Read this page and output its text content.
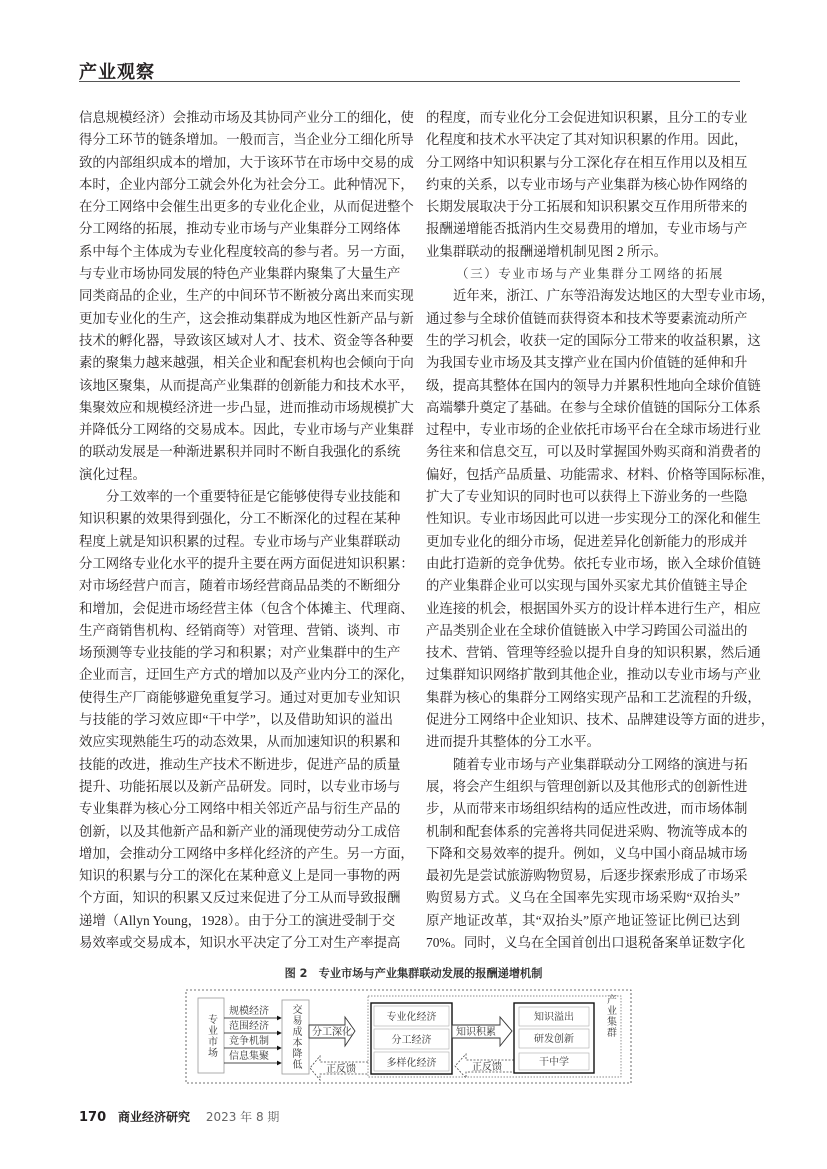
产业观察
信息规模经济）会推动市场及其协同产业分工的细化，使
得分工环节的链条增加。一般而言，当企业分工细化所导
致的内部组织成本的增加，大于该环节在市场中交易的成
本时，企业内部分工就会外化为社会分工。此种情况下，
在分工网络中会催生出更多的专业化企业，从而促进整个
分工网络的拓展，推动专业市场与产业集群分工网络体
系中每个主体成为专业化程度较高的参与者。另一方面，
与专业市场协同发展的特色产业集群内聚集了大量生产
同类商品的企业，生产的中间环节不断被分离出来而实现
更加专业化的生产，这会推动集群成为地区性新产品与新
技术的孵化器，导致该区域对人才、技术、资金等各种要
素的聚集力越来越强，相关企业和配套机构也会倾向于向
该地区聚集，从而提高产业集群的创新能力和技术水平，
集聚效应和规模经济进一步凸显，进而推动市场规模扩大
并降低分工网络的交易成本。因此，专业市场与产业集群
的联动发展是一种渐进累积并同时不断自我强化的系统
演化过程。
分工效率的一个重要特征是它能够使得专业技能和
知识积累的效果得到强化，分工不断深化的过程在某种
程度上就是知识积累的过程。专业市场与产业集群联动
分工网络专业化水平的提升主要在两方面促进知识积累：
对市场经营户而言，随着市场经营商品品类的不断细分
和增加，会促进市场经营主体（包含个体摊主、代理商、
生产商销售机构、经销商等）对管理、营销、谈判、市
场预测等专业技能的学习和积累；对产业集群中的生产
企业而言，迂回生产方式的增加以及产业内分工的深化，
使得生产厂商能够避免重复学习。通过对更加专业知识
与技能的学习效应即“干中学”，以及借助知识的溢出
效应实现熟能生巧的动态效果，从而加速知识的积累和
技能的改进，推动生产技术不断进步，促进产品的质量
提升、功能拓展以及新产品研发。同时，以专业市场与
专业集群为核心分工网络中相关邻近产品与衍生产品的
创新，以及其他新产品和新产业的涌现使劳动分工成倍
增加，会推动分工网络中多样化经济的产生。另一方面，
知识的积累与分工的深化在某种意义上是同一事物的两
个方面，知识的积累又反过来促进了分工从而导致报酬
递增（Allyn Young，1928）。由于分工的演进受制于交
易效率或交易成本，知识水平决定了分工对生产率提高
的程度，而专业化分工会促进知识积累，且分工的专业
化程度和技术水平决定了其对知识积累的作用。因此，
分工网络中知识积累与分工深化存在相互作用以及相互
约束的关系，以专业市场与产业集群为核心协作网络的
长期发展取决于分工拓展和知识积累交互作用所带来的
报酬递增能否抵消内生交易费用的增加，专业市场与产
业集群联动的报酬递增机制见图 2 所示。
（三）专业市场与产业集群分工网络的拓展
近年来，浙江、广东等沿海发达地区的大型专业市场，
通过参与全球价值链而获得资本和技术等要素流动所产
生的学习机会，收获一定的国际分工带来的收益积累，这
为我国专业市场及其支撑产业在国内价值链的延伸和升
级，提高其整体在国内的领导力并累积性地向全球价值链
高端攀升奠定了基础。在参与全球价值链的国际分工体系
过程中，专业市场的企业依托市场平台在全球市场进行业
务往来和信息交互，可以及时掌握国外购买商和消费者的
偏好，包括产品质量、功能需求、材料、价格等国际标准，
扩大了专业知识的同时也可以获得上下游业务的一些隐
性知识。专业市场因此可以进一步实现分工的深化和催生
更加专业化的细分市场，促进差异化创新能力的形成并
由此打造新的竞争优势。依托专业市场，嵌入全球价值链
的产业集群企业可以实现与国外买家尤其价值链主导企
业连接的机会，根据国外买方的设计样本进行生产，相应
产品类别企业在全球价值链嵌入中学习跨国公司溢出的
技术、营销、管理等经验以提升自身的知识积累，然后通
过集群知识网络扩散到其他企业，推动以专业市场与产业
集群为核心的集群分工网络实现产品和工艺流程的升级，
促进分工网络中企业知识、技术、品牌建设等方面的进步，
进而提升其整体的分工水平。
随着专业市场与产业集群联动分工网络的演进与拓
展，将会产生组织与管理创新以及其他形式的创新性进
步，从而带来市场组织结构的适应性改进，而市场体制
机制和配套体系的完善将共同促进采购、物流等成本的
下降和交易效率的提升。例如，义乌中国小商品城市场
最初先是尝试旅游购物贸易，后逐步探索形成了市场采
购贸易方式。义乌在全国率先实现市场采购“双抬头”
原产地证改革，其“双抬头”原产地证签证比例已达到
70%。同时，义乌在全国首创出口退税备案单证数字化
图 2　专业市场与产业集群联动发展的报酬递增机制
专业市场
规模经济
范围经济
竞争机制
信息集聚 交易成本降低 分工深化
正反馈
专业化经济
分工经济
多样化经济
知识积累
正反馈
知识溢出
研发创新
干中学
产业集群
170 商业经济研究 2023 年 8 期
